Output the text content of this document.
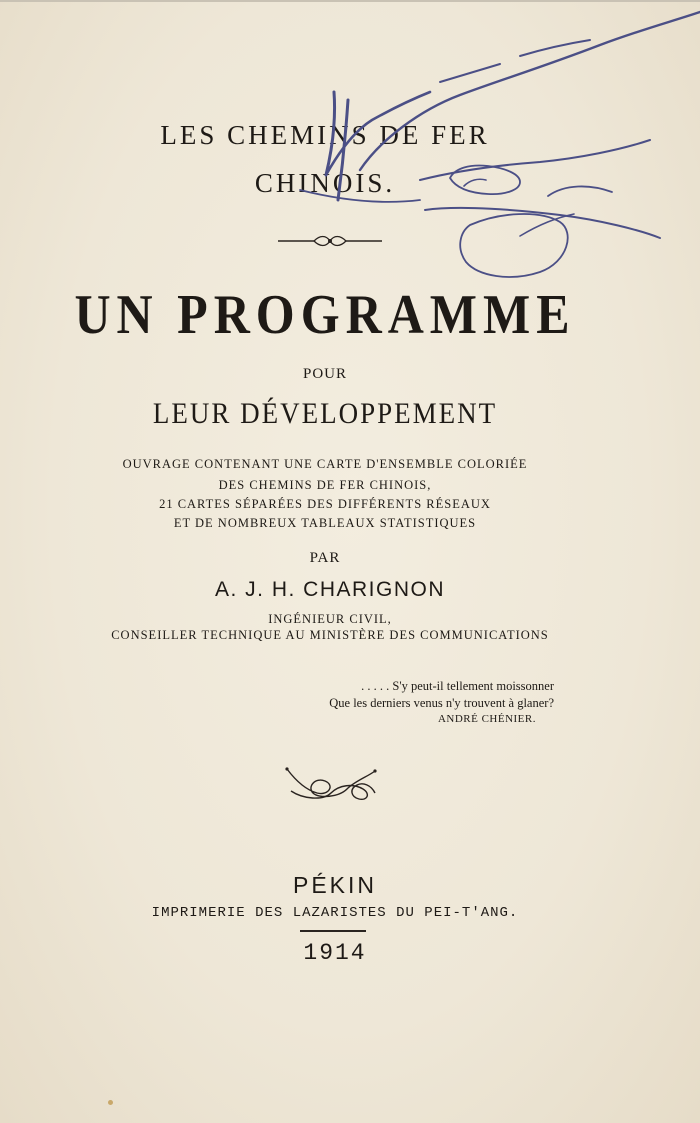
LES CHEMINS DE FER
CHINOIS.
UN PROGRAMME
POUR
LEUR DÉVELOPPEMENT
OUVRAGE CONTENANT UNE CARTE D'ENSEMBLE COLORIÉE
DES CHEMINS DE FER CHINOIS,
21 CARTES SÉPARÉES DES DIFFÉRENTS RÉSEAUX
ET DE NOMBREUX TABLEAUX STATISTIQUES
PAR
A. J. H. CHARIGNON
INGÉNIEUR CIVIL,
CONSEILLER TECHNIQUE AU MINISTÈRE DES COMMUNICATIONS
. . . . . S'y peut-il tellement moissonner
Que les derniers venus n'y trouvent à glaner?
ANDRÉ CHÉNIER.
PÉKIN
IMPRIMERIE DES LAZARISTES DU PEI-T'ANG.
1914
